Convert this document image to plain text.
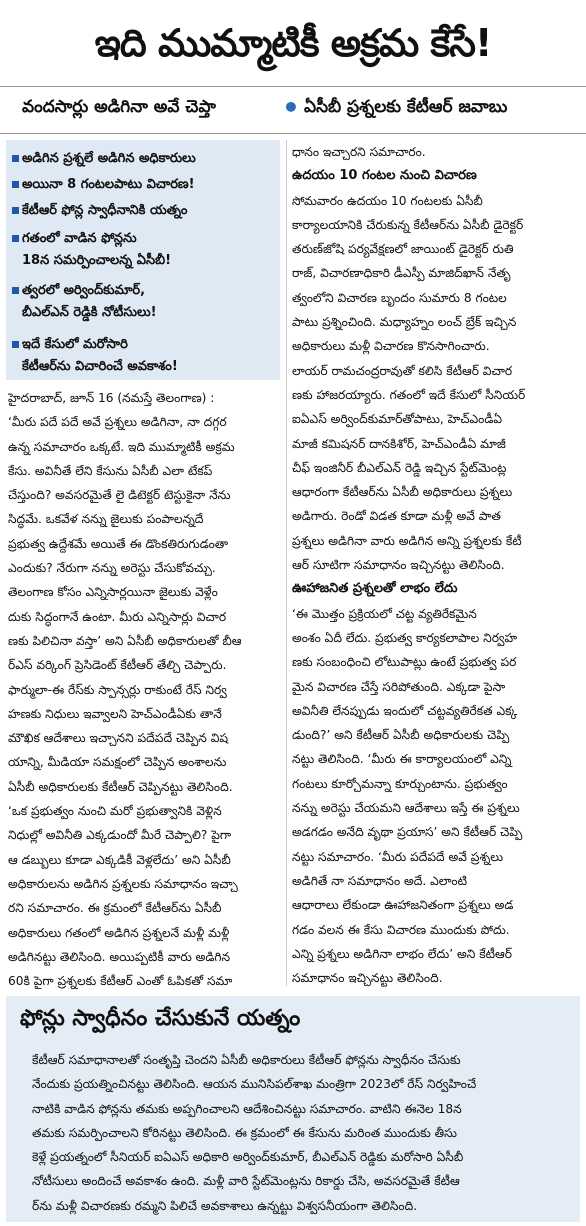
ఇది ముమ్మాటికీ అక్రమ కేసే!
వందసార్లు అడిగినా అవే చెప్తా • ఏసీబీ ప్రశ్నలకు కేటీఆర్‌ జవాబు
అడిగిన ప్రశ్నలే అడిగిన అధికారులు
అయినా 8 గంటలపాటు విచారణ!
కేటీఆర్‌ ఫోన్ల స్వాధీనానికి యత్నం
గతంలో వాడిన ఫోన్లను
18న సమర్పించాలన్న ఏసీబీ!
త్వరలో అర్వింద్‌కుమార్‌,
బీఎల్‌ఎన్‌ రెడ్డికి నోటీసులు!
ఇదే కేసులో మరోసారి
కేటీఆర్‌ను విచారించే అవకాశం!
హైదరాబాద్‌, జూన్‌ 16 (నమస్తే తెలంగాణ) :
‘మీరు పదే పదే అవే ప్రశ్నలు అడిగినా, నా దగ్గర
ఉన్న సమాచారం ఒక్కటే. ఇది ముమ్మాటికీ అక్రమ
కేసు. అవినీతే లేని కేసును ఏసీబీ ఎలా టేకప్‌
చేస్తుంది? అవసరమైతే లై డిటెక్టర్‌ టెస్టుకైనా నేను
సిద్ధమే. ఒకవేళ నన్ను జైలుకు పంపాలన్నదే
ప్రభుత్వ ఉద్దేశమే అయితే ఈ డొంకతిరుగుడంతా
ఎందుకు? నేరుగా నన్ను అరెస్టు చేసుకోవచ్చు.
తెలంగాణ కోసం ఎన్నిసార్లయినా జైలుకు వెళ్లేం
దుకు సిద్ధంగానే ఉంటా. మీరు ఎన్నిసార్లు విచార
ణకు పిలిచినా వస్తా’ అని ఏసీబీ అధికారులతో బీఆ
ర్‌ఎస్‌ వర్కింగ్‌ ప్రెసిడెంట్‌ కేటీఆర్‌ తేల్చి చెప్పారు.
ఫార్ములా-ఈ రేస్‌కు స్పాన్సర్లు రాకుంటే రేస్‌ నిర్వ
హణకు నిధులు ఇవ్వాలని హెచ్‌ఎండీఏకు తానే
మౌఖిక ఆదేశాలు ఇచ్చానని పదేపదే చెప్పిన విష
యాన్ని, మీడియా సమక్షంలో చెప్పిన అంశాలను
ఏసీబీ అధికారులకు కేటీఆర్‌ చెప్పినట్టు తెలిసింది.
‘ఒక ప్రభుత్వం నుంచి మరో ప్రభుత్వానికి వెళ్లిన
నిధుల్లో అవినీతి ఎక్కడుందో మీరే చెప్పాలి? పైగా
ఆ డబ్బులు కూడా ఎక్కడికీ వెళ్లలేదు’ అని ఏసీబీ
అధికారులను అడిగిన ప్రశ్నలకు సమాధానం ఇచ్చా
రని సమాచారం. ఈ క్రమంలో కేటీఆర్‌ను ఏసీబీ
అధికారులు గతంలో అడిగిన ప్రశ్నలనే మళ్లీ మళ్లీ
అడిగినట్టు తెలిసింది. అయిప్పటికీ వారు అడిగిన
60కి పైగా ప్రశ్నలకు కేటీఆర్‌ ఎంతో ఓపికతో సమా
ధానం ఇచ్చారని సమాచారం.
ఉదయం 10 గంటల నుంచి విచారణ
సోమవారం ఉదయం 10 గంటలకు ఏసీబీ
కార్యాలయానికి చేరుకున్న కేటీఆర్‌ను ఏసీబీ డైరెక్టర్‌
తరుణ్‌జోషి పర్యవేక్షణలో జాయింట్‌ డైరెక్టర్‌ రుతి
రాజ్‌, విచారణాధికారి డీఎస్పీ మాజిద్‌ఖాన్‌ నేతృ
త్వంలోని విచారణ బృందం సుమారు 8 గంటల
పాటు ప్రశ్నించింది. మధ్యాహ్నం లంచ్‌ బ్రేక్‌ ఇచ్చిన
అధికారులు మళ్లీ విచారణ కొనసాగించారు.
లాయర్‌ రామచంద్రరావుతో కలిసి కేటీఆర్‌ విచార
ణకు హాజరయ్యారు. గతంలో ఇదే కేసులో సీనియర్‌
ఐఏఎస్‌ అర్వింద్‌కుమార్‌తోపాటు, హెచ్‌ఎండీఏ
మాజీ కమిషనర్‌ దానకిశోర్‌, హెచ్‌ఎండీఏ మాజీ
చీఫ్‌ ఇంజినీర్‌ బీఎల్‌ఎన్‌ రెడ్డి ఇచ్చిన స్టేట్‌మెంట్ల
ఆధారంగా కేటీఆర్‌ను ఏసీబీ అధికారులు ప్రశ్నలు
అడిగారు. రెండో విడత కూడా మళ్లీ అవే పాత
ప్రశ్నలు అడిగినా వారు అడిగిన అన్ని ప్రశ్నలకు కేటీ
ఆర్‌ సూటిగా సమాధానం ఇచ్చినట్టు తెలిసింది.
ఊహాజనిత ప్రశ్నలతో లాభం లేదు
‘ఈ మొత్తం ప్రక్రియలో చట్ట వ్యతిరేకమైన
అంశం ఏదీ లేదు. ప్రభుత్వ కార్యకలాపాల నిర్వహ
ణకు సంబంధించి లోటుపాట్లు ఉంటే ప్రభుత్వ పర
మైన విచారణ చేస్తే సరిపోతుంది. ఎక్కడా పైసా
అవినీతి లేనప్పుడు ఇందులో చట్టవ్యతిరేకత ఎక్క
డుంది?’ అని కేటీఆర్‌ ఏసీబీ అధికారులకు చెప్పి
నట్టు తెలిసింది. ‘మీరు ఈ కార్యాలయంలో ఎన్ని
గంటలు కూర్చోమన్నా కూర్చుంటాను. ప్రభుత్వం
నన్ను అరెస్టు చేయమని ఆదేశాలు ఇస్తే ఈ ప్రశ్నలు
అడగడం అనేది వృథా ప్రయాస’ అని కేటీఆర్‌ చెప్పి
నట్టు సమాచారం. ‘మీరు పదేపదే అవే ప్రశ్నలు
అడిగితే నా సమాధానం అదే. ఎలాంటి
ఆధారాలు లేకుండా ఊహాజనితంగా ప్రశ్నలు అడ
గడం వలన ఈ కేసు విచారణ ముందుకు పోదు.
ఎన్ని ప్రశ్నలు అడిగినా లాభం లేదు’ అని కేటీఆర్‌
సమాధానం ఇచ్చినట్టు తెలిసింది.
ఫోన్లు స్వాధీనం చేసుకునే యత్నం
కేటీఆర్‌ సమాధానాలతో సంతృప్తి చెందని ఏసీబీ అధికారులు కేటీఆర్‌ ఫోన్లను స్వాధీనం చేసుకు
నేందుకు ప్రయత్నించినట్టు తెలిసింది. ఆయన మునిసిపల్‌శాఖ మంత్రిగా 2023లో రేస్‌ నిర్వహించే
నాటికి వాడిన ఫోన్లను తమకు అప్పగించాలని ఆదేశించినట్టు సమాచారం. వాటిని ఈనెల 18న
తమకు సమర్పించాలని కోరినట్టు తెలిసింది. ఈ క్రమంలో ఈ కేసును మరింత ముందుకు తీసు
కెళ్లే ప్రయత్నంలో సీనియర్‌ ఐఏఎస్‌ అధికారి అర్వింద్‌కుమార్‌, బీఎల్‌ఎన్‌ రెడ్డికు మరోసారి ఏసీబీ
నోటీసులు అందించే అవకాశం ఉంది. మళ్లీ వారి స్టేట్‌మెంట్లను రికార్డు చేసి, అవసరమైతే కేటీఆ
ర్‌ను మళ్లీ విచారణకు రమ్మని పిలిచే అవకాశాలు ఉన్నట్టు విశ్వసనీయంగా తెలిసింది.
